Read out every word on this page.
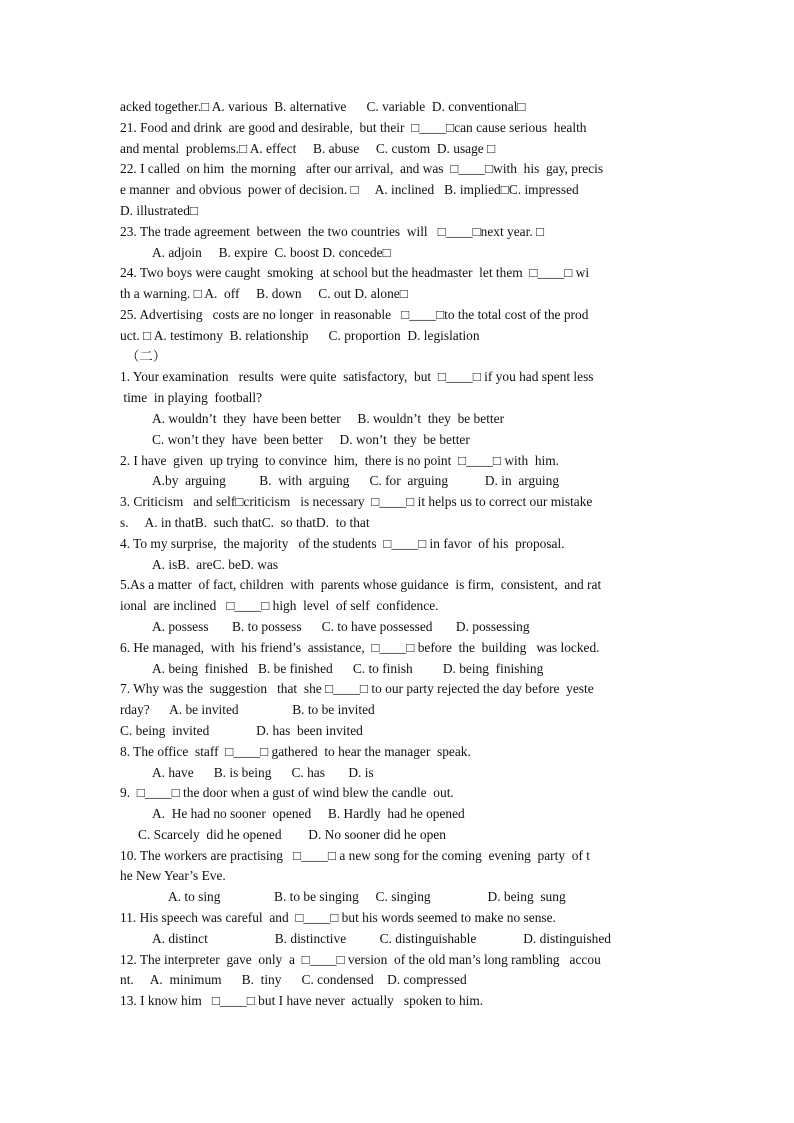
acked together.□ A. various  B. alternative      C. variable  D. conventional□
21. Food and drink  are good and desirable,  but their  □____□can cause serious  health
and mental  problems.□ A. effect     B. abuse     C. custom  D. usage □
22. I called  on him  the morning   after our arrival,  and was  □____□with  his  gay, precis
e manner  and obvious  power of decision. □     A. inclined   B. implied□C. impressed
D. illustrated□
23. The trade agreement  between  the two countries  will   □____□next year. □
A. adjoin     B. expire  C. boost D. concede□
24. Two boys were caught  smoking  at school but the headmaster  let them  □____□ wi
th a warning. □ A.  off     B. down     C. out D. alone□
25. Advertising   costs are no longer  in reasonable   □____□to the total cost of the prod
uct. □ A. testimony  B. relationship      C. proportion  D. legislation
（二）
1. Your examination   results  were quite  satisfactory,  but  □____□ if you had spent less
time  in playing  football?
A. wouldn’t  they  have been better     B. wouldn’t  they  be better
C. won’t they  have  been better     D. won’t  they  be better
2. I have  given  up trying  to convince  him,  there is no point  □____□ with  him.
A.by  arguing          B.  with  arguing      C. for  arguing           D. in  arguing
3. Criticism   and self□criticism   is necessary  □____□ it helps us to correct our mistake
s.     A. in thatB.  such thatC.  so thatD.  to that
4. To my surprise,  the majority   of the students  □____□ in favor  of his  proposal.
A. isB.  areC. beD. was
5.As a matter  of fact, children  with  parents whose guidance  is firm,  consistent,  and rat
ional  are inclined   □____□ high  level  of self  confidence.
A. possess       B. to possess      C. to have possessed       D. possessing
6. He managed,  with  his friend’s  assistance,  □____□ before  the  building   was locked.
A. being  finished   B. be finished      C. to finish         D. being  finishing
7. Why was the  suggestion   that  she □____□ to our party rejected the day before  yeste
rday?      A. be invited                B. to be invited
C. being  invited              D. has  been invited
8. The office  staff  □____□ gathered  to hear the manager  speak.
A. have      B. is being      C. has       D. is
9.  □____□ the door when a gust of wind blew the candle  out.
A.  He had no sooner  opened     B. Hardly  had he opened
C. Scarcely  did he opened        D. No sooner did he open
10. The workers are practising   □____□ a new song for the coming  evening  party  of t
he New Year’s Eve.
A. to sing                B. to be singing     C. singing                 D. being  sung
11. His speech was careful  and  □____□ but his words seemed to make no sense.
A. distinct                    B. distinctive          C. distinguishable              D. distinguished
12. The interpreter  gave  only  a  □____□ version  of the old man’s long rambling   accou
nt.     A.  minimum      B.  tiny      C. condensed    D. compressed
13. I know him   □____□ but I have never  actually   spoken to him.
